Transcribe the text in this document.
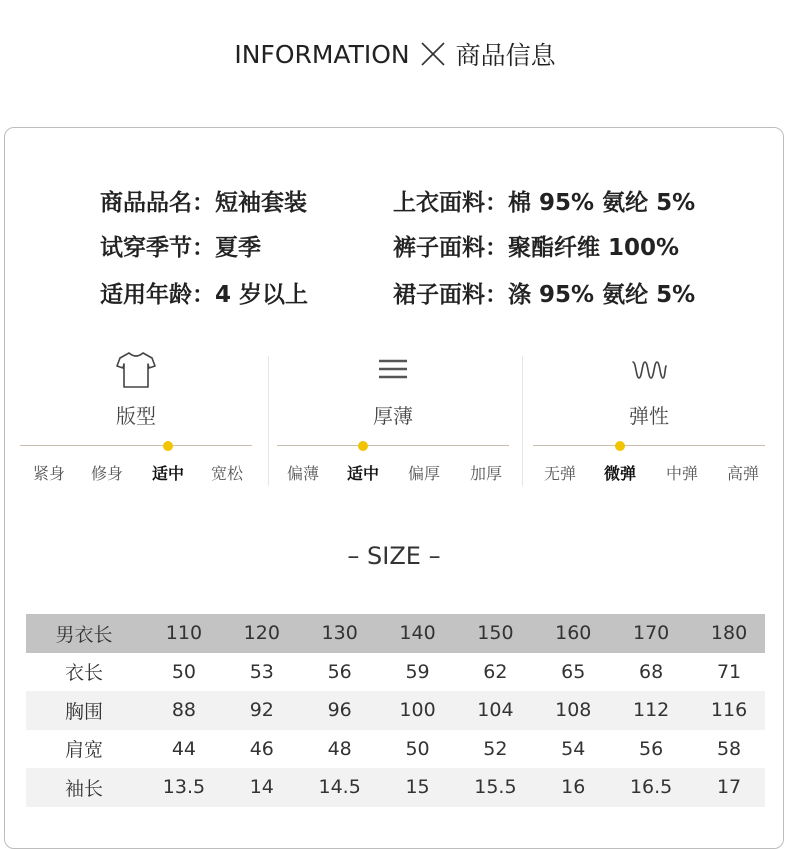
INFORMATION 商品信息
商品品名：短袖套装	上衣面料：棉 95% 氨纶 5%
试穿季节：夏季	裤子面料：聚酯纤维 100%
适用年龄：4 岁以上	裙子面料：涤 95% 氨纶 5%
版型
紧身	修身	适中	宽松
厚薄
偏薄	适中	偏厚	加厚
弹性
无弹	微弹	中弹	高弹
– SIZE –
男衣长	110	120	130	140	150	160	170	180
衣长	50	53	56	59	62	65	68	71
胸围	88	92	96	100	104	108	112	116
肩宽	44	46	48	50	52	54	56	58
袖长	13.5	14	14.5	15	15.5	16	16.5	17
